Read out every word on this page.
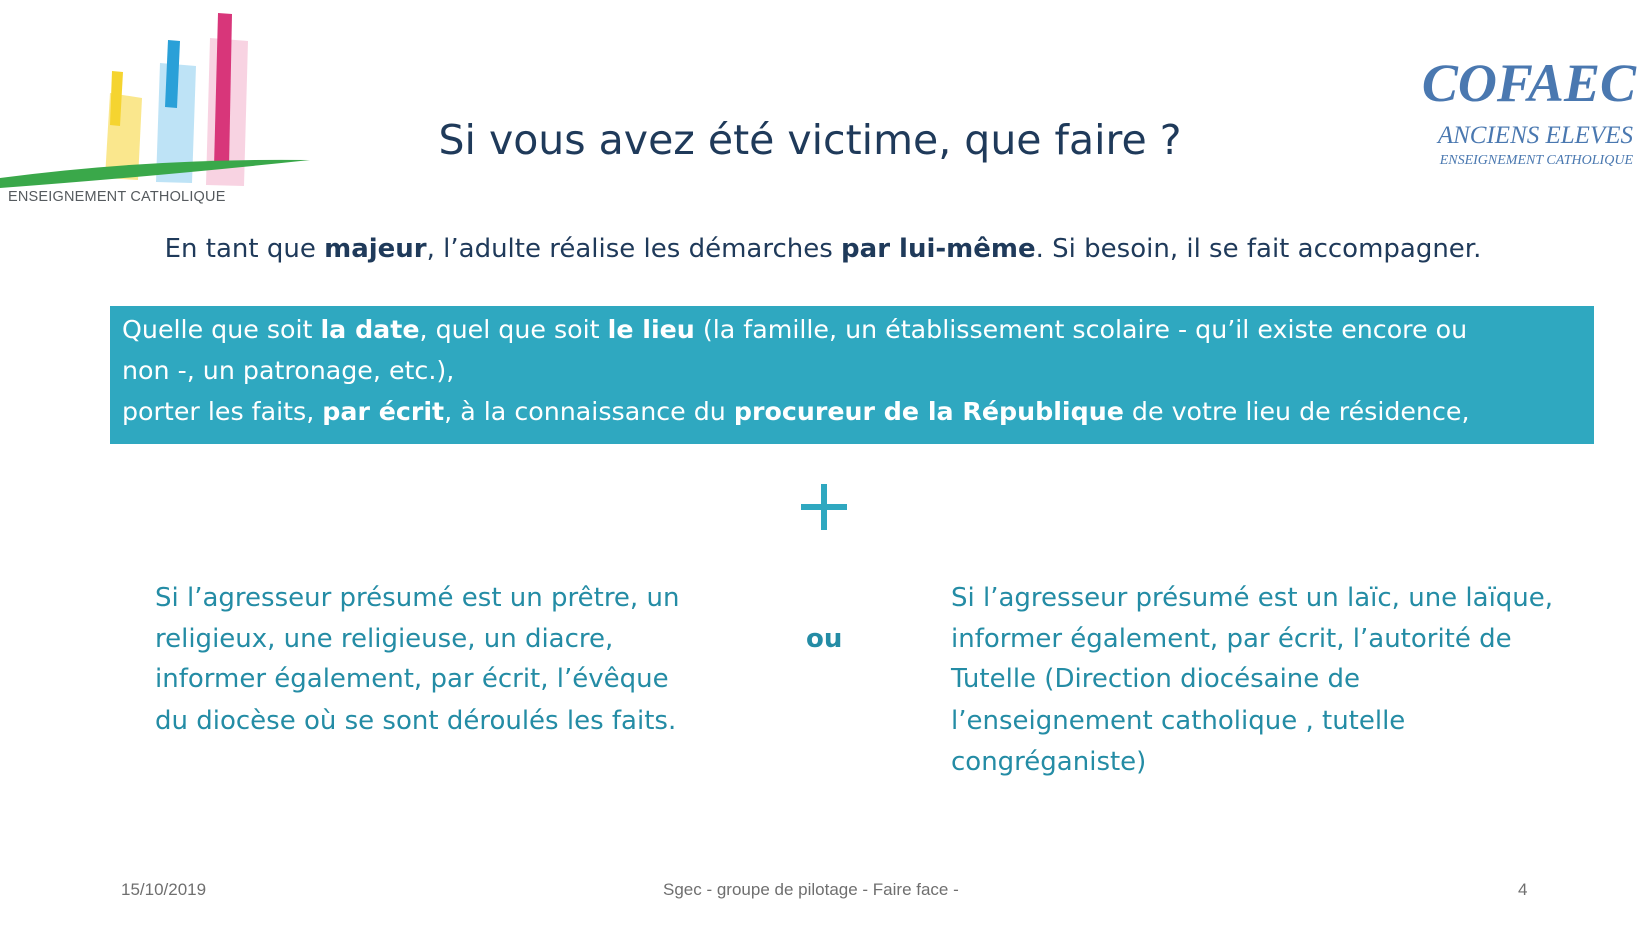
ENSEIGNEMENT CATHOLIQUE
COFAEC
ANCIENS ELEVES
ENSEIGNEMENT CATHOLIQUE
Si vous avez été victime, que faire ?
En tant que majeur, l’adulte réalise les démarches par lui-même. Si besoin, il se fait accompagner.
Quelle que soit la date, quel que soit le lieu (la famille, un établissement scolaire - qu’il existe encore ou
non -, un patronage, etc.),
porter les faits, par écrit, à la connaissance du procureur de la République de votre lieu de résidence,
Si l’agresseur présumé est un prêtre, un
religieux, une religieuse, un diacre,
informer également, par écrit, l’évêque
du diocèse où se sont déroulés les faits.
ou
Si l’agresseur présumé est un laïc, une laïque,
informer également, par écrit, l’autorité de
Tutelle (Direction diocésaine de
l’enseignement catholique , tutelle
congréganiste)
15/10/2019	Sgec - groupe de pilotage - Faire face -	4
